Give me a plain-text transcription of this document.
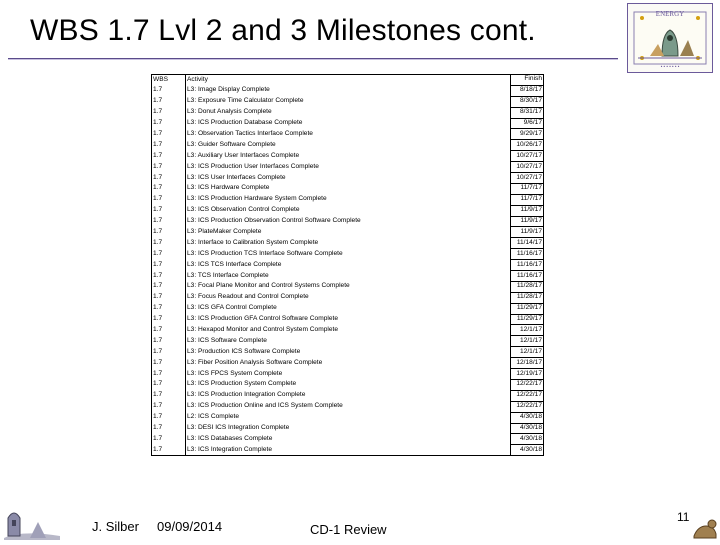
WBS 1.7 Lvl 2 and 3 Milestones cont.	ENERGY
• • • • • • •
WBS	Activity	Finish
1.7	L3: Image Display Complete	8/18/17
1.7	L3: Exposure Time Calculator Complete	8/30/17
1.7	L3: Donut Analysis Complete	8/31/17
1.7	L3: ICS Production Database Complete	9/6/17
1.7	L3: Observation Tactics Interface Complete	9/29/17
1.7	L3: Guider Software Complete	10/26/17
1.7	L3: Auxiliary User Interfaces Complete	10/27/17
1.7	L3: ICS Production User Interfaces Complete	10/27/17
1.7	L3: ICS User Interfaces Complete	10/27/17
1.7	L3: ICS Hardware Complete	11/7/17
1.7	L3: ICS Production Hardware System Complete	11/7/17
1.7	L3: ICS Observation Control Complete	11/9/17
1.7	L3: ICS Production Observation Control Software Complete	11/9/17
1.7	L3: PlateMaker Complete	11/9/17
1.7	L3: Interface to Calibration System Complete	11/14/17
1.7	L3: ICS Production TCS Interface Software Complete	11/16/17
1.7	L3: ICS TCS Interface Complete	11/16/17
1.7	L3: TCS Interface Complete	11/16/17
1.7	L3: Focal Plane Monitor and Control Systems Complete	11/28/17
1.7	L3: Focus Readout and Control Complete	11/28/17
1.7	L3: ICS GFA Control Complete	11/29/17
1.7	L3: ICS Production GFA Control Software Complete	11/29/17
1.7	L3: Hexapod Monitor and Control System Complete	12/1/17
1.7	L3: ICS Software Complete	12/1/17
1.7	L3: Production ICS Software Complete	12/1/17
1.7	L3: Fiber Position Analysis Software Complete	12/18/17
1.7	L3: ICS FPCS System Complete	12/19/17
1.7	L3: ICS Production System Complete	12/22/17
1.7	L3: ICS Production Integration Complete	12/22/17
1.7	L3: ICS Production Online and ICS System Complete	12/22/17
1.7	L2: ICS Complete	4/30/18
1.7	L3: DESI ICS Integration Complete	4/30/18
1.7	L3: ICS Databases Complete	4/30/18
1.7	L3: ICS Integration Complete	4/30/18
J. Silber 09/09/2014	CD-1 Review
11
